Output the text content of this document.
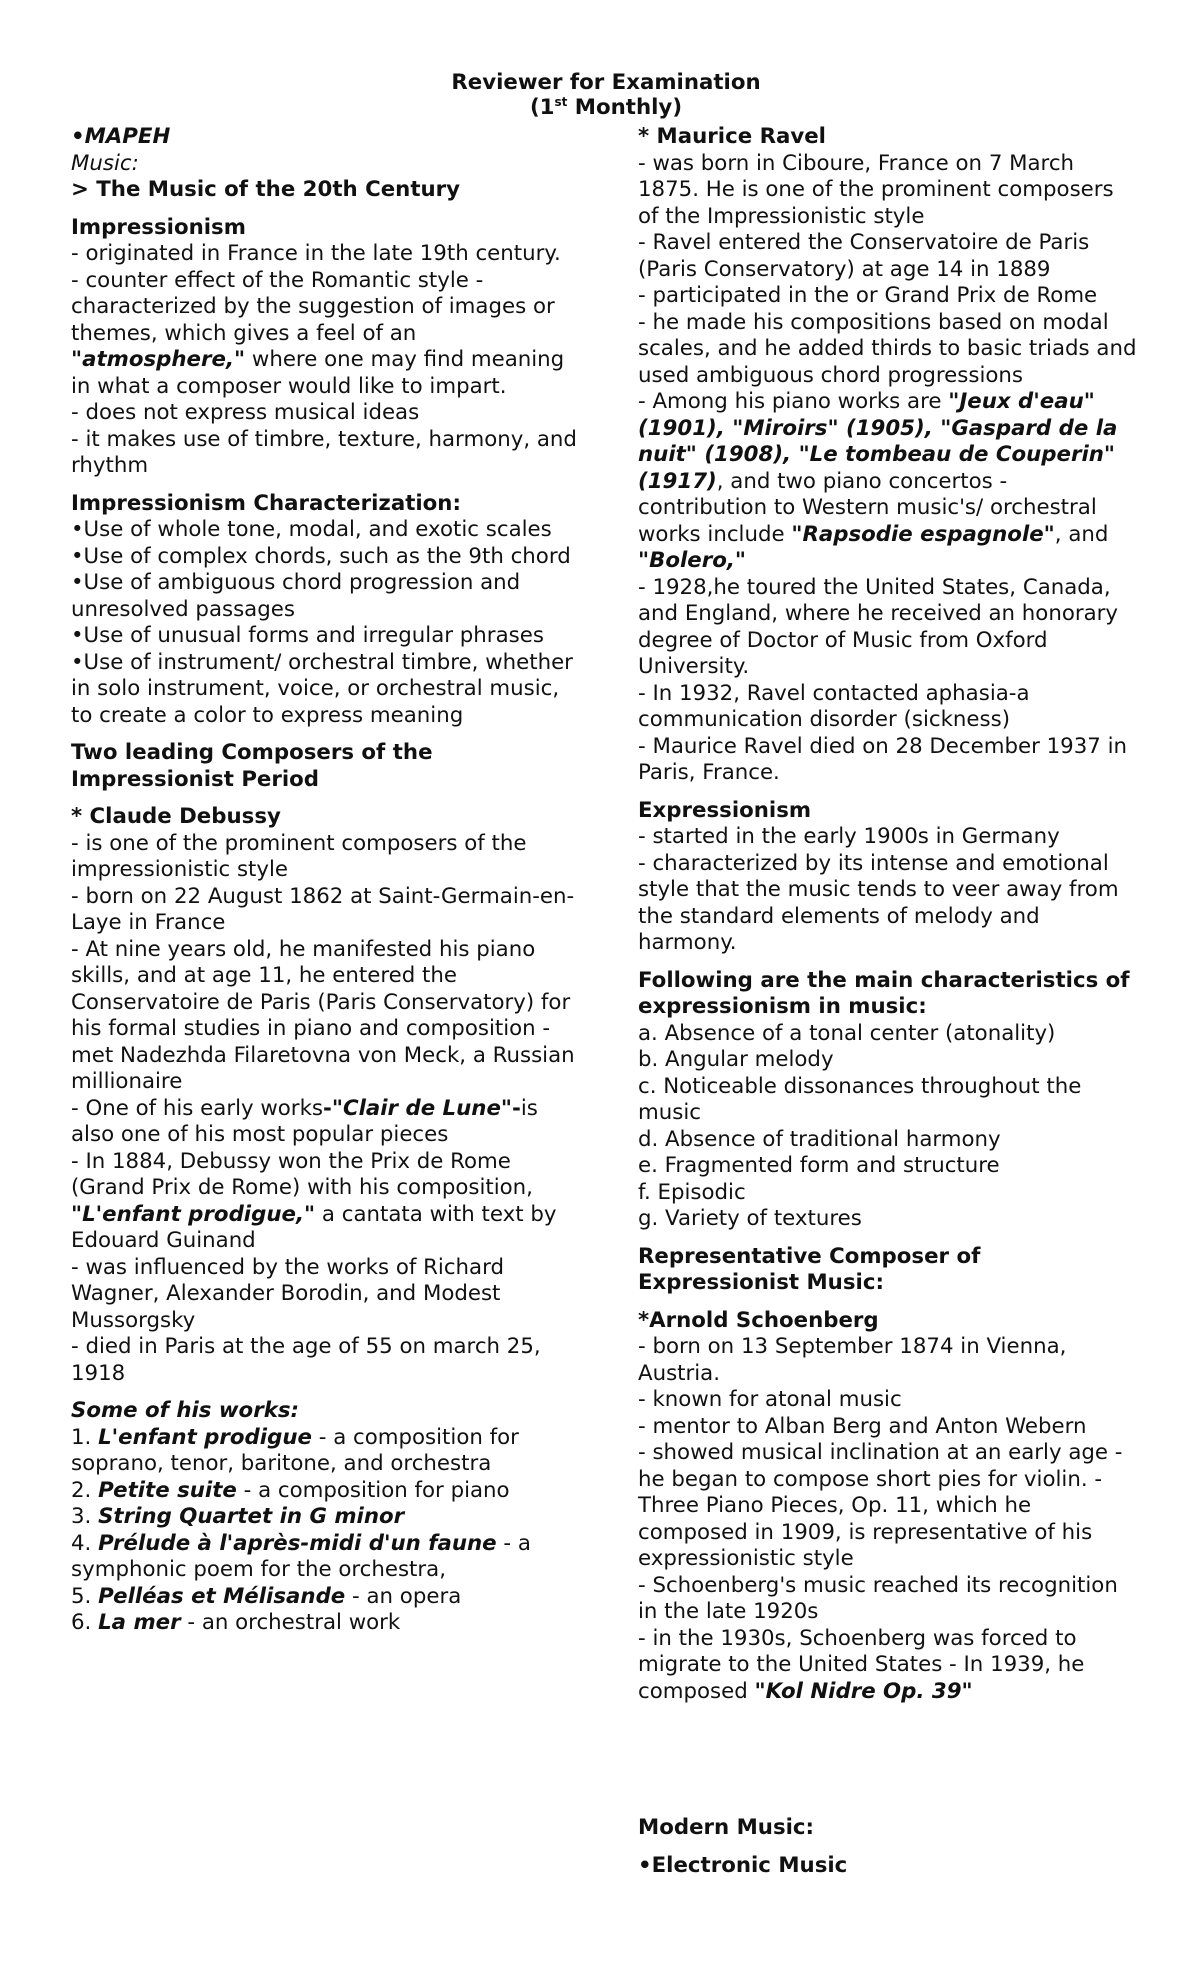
Reviewer for Examination
(1st Monthly)

•MAPEH

Music:

> The Music of the 20th Century

Impressionism

- originated in France in the late 19th century.

- counter effect of the Romantic style - characterized by the suggestion of images or themes, which gives a feel of an "atmosphere," where one may find meaning in what a composer would like to impart.

- does not express musical ideas

- it makes use of timbre, texture, harmony, and rhythm

Impressionism Characterization:

•Use of whole tone, modal, and exotic scales

•Use of complex chords, such as the 9th chord

•Use of ambiguous chord progression and unresolved passages

•Use of unusual forms and irregular phrases

•Use of instrument/ orchestral timbre, whether in solo instrument, voice, or orchestral music, to create a color to express meaning

Two leading Composers of the Impressionist Period

* Claude Debussy

- is one of the prominent composers of the impressionistic style

- born on 22 August 1862 at Saint-Germain-en-Laye in France

- At nine years old, he manifested his piano skills, and at age 11, he entered the Conservatoire de Paris (Paris Conservatory) for his formal studies in piano and composition -

met Nadezhda Filaretovna von Meck, a Russian millionaire

- One of his early works-"Clair de Lune"-is also one of his most popular pieces

- In 1884, Debussy won the Prix de Rome (Grand Prix de Rome) with his composition, "L'enfant prodigue," a cantata with text by Edouard Guinand

- was influenced by the works of Richard Wagner, Alexander Borodin, and Modest Mussorgsky

- died in Paris at the age of 55 on march 25, 1918

Some of his works:

1. L'enfant prodigue - a composition for soprano, tenor, baritone, and orchestra

2. Petite suite - a composition for piano

3. String Quartet in G minor

4. Prélude à l'après-midi d'un faune - a symphonic poem for the orchestra,

5. Pelléas et Mélisande - an opera

6. La mer - an orchestral work

* Maurice Ravel

- was born in Ciboure, France on 7 March 1875. He is one of the prominent composers of the Impressionistic style

- Ravel entered the Conservatoire de Paris (Paris Conservatory) at age 14 in 1889

- participated in the or Grand Prix de Rome

- he made his compositions based on modal scales, and he added thirds to basic triads and used ambiguous chord progressions

- Among his piano works are "Jeux d'eau" (1901), "Miroirs" (1905), "Gaspard de la nuit" (1908), "Le tombeau de Couperin" (1917), and two piano concertos - contribution to Western music's/ orchestral works include "Rapsodie espagnole", and "Bolero,"

- 1928,he toured the United States, Canada, and England, where he received an honorary degree of Doctor of Music from Oxford University.

- In 1932, Ravel contacted aphasia-a communication disorder (sickness)

- Maurice Ravel died on 28 December 1937 in Paris, France.

Expressionism

- started in the early 1900s in Germany

- characterized by its intense and emotional style that the music tends to veer away from the standard elements of melody and harmony.

Following are the main characteristics of expressionism in music:

a. Absence of a tonal center (atonality)

b. Angular melody

c. Noticeable dissonances throughout the music

d. Absence of traditional harmony

e. Fragmented form and structure

f. Episodic

g. Variety of textures

Representative Composer of Expressionist Music:

*Arnold Schoenberg

- born on 13 September 1874 in Vienna, Austria.

- known for atonal music

- mentor to Alban Berg and Anton Webern

- showed musical inclination at an early age - he began to compose short pies for violin. - Three Piano Pieces, Op. 11, which he composed in 1909, is representative of his expressionistic style

- Schoenberg's music reached its recognition in the late 1920s

- in the 1930s, Schoenberg was forced to migrate to the United States - In 1939, he composed "Kol Nidre Op. 39"

Modern Music:

•Electronic Music
